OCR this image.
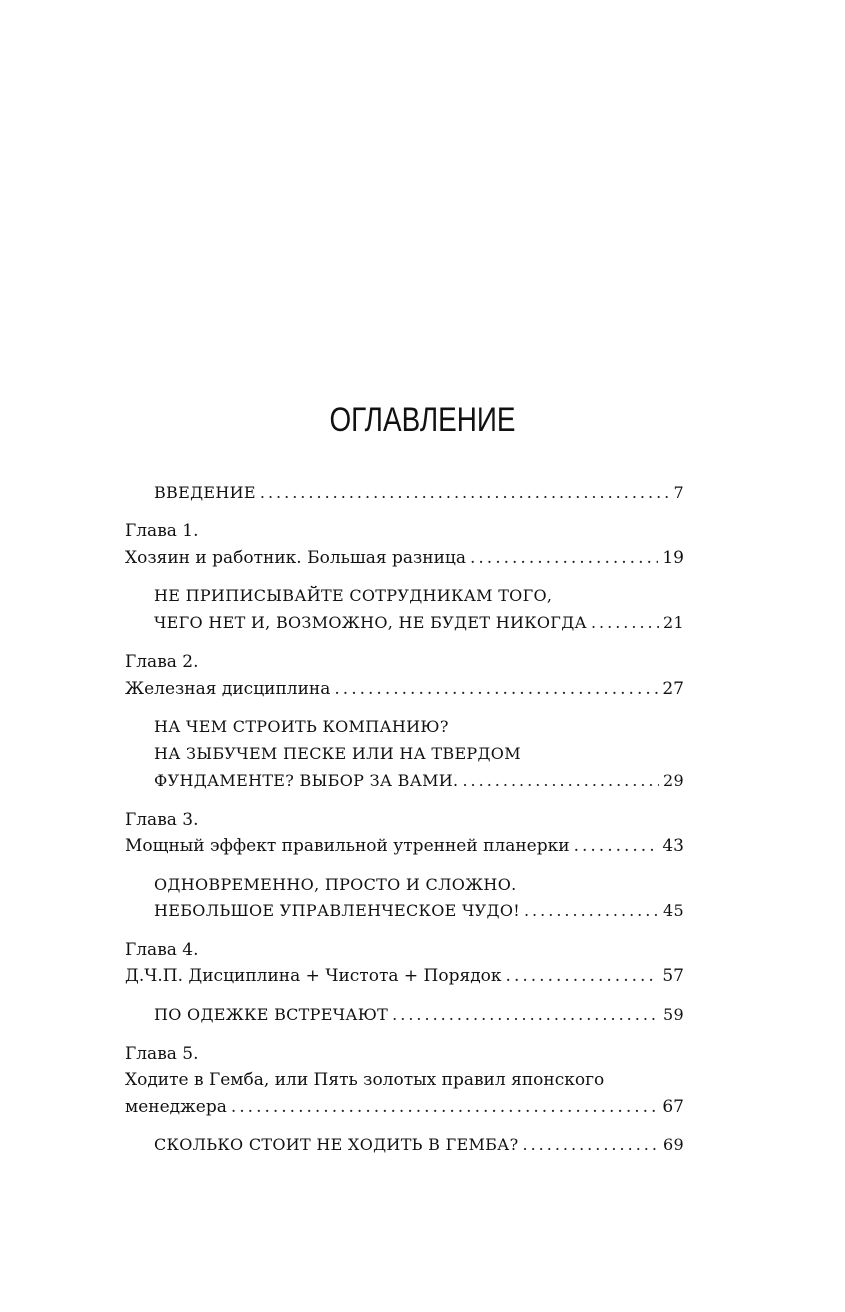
ОГЛАВЛЕНИЕ
ВВЕДЕНИЕ .....	7
Глава 1.
Хозяин и работник. Большая разница .....	19
НЕ ПРИПИСЫВАЙТЕ СОТРУДНИКАМ ТОГО,
ЧЕГО НЕТ И, ВОЗМОЖНО, НЕ БУДЕТ НИКОГДА .....	21
Глава 2.
Железная дисциплина .....	27
НА ЧЕМ СТРОИТЬ КОМПАНИЮ?
НА ЗЫБУЧЕМ ПЕСКЕ ИЛИ НА ТВЕРДОМ
ФУНДАМЕНТЕ? ВЫБОР ЗА ВАМИ. .....	29
Глава 3.
Мощный эффект правильной утренней планерки .....	43
ОДНОВРЕМЕННО, ПРОСТО И СЛОЖНО.
НЕБОЛЬШОЕ УПРАВЛЕНЧЕСКОЕ ЧУДО! .....	45
Глава 4.
Д.Ч.П. Дисциплина + Чистота + Порядок .....	57
ПО ОДЕЖКЕ ВСТРЕЧАЮТ .....	59
Глава 5.
Ходите в Гемба, или Пять золотых правил японского
менеджера .....	67
СКОЛЬКО СТОИТ НЕ ХОДИТЬ В ГЕМБА? .....	69
